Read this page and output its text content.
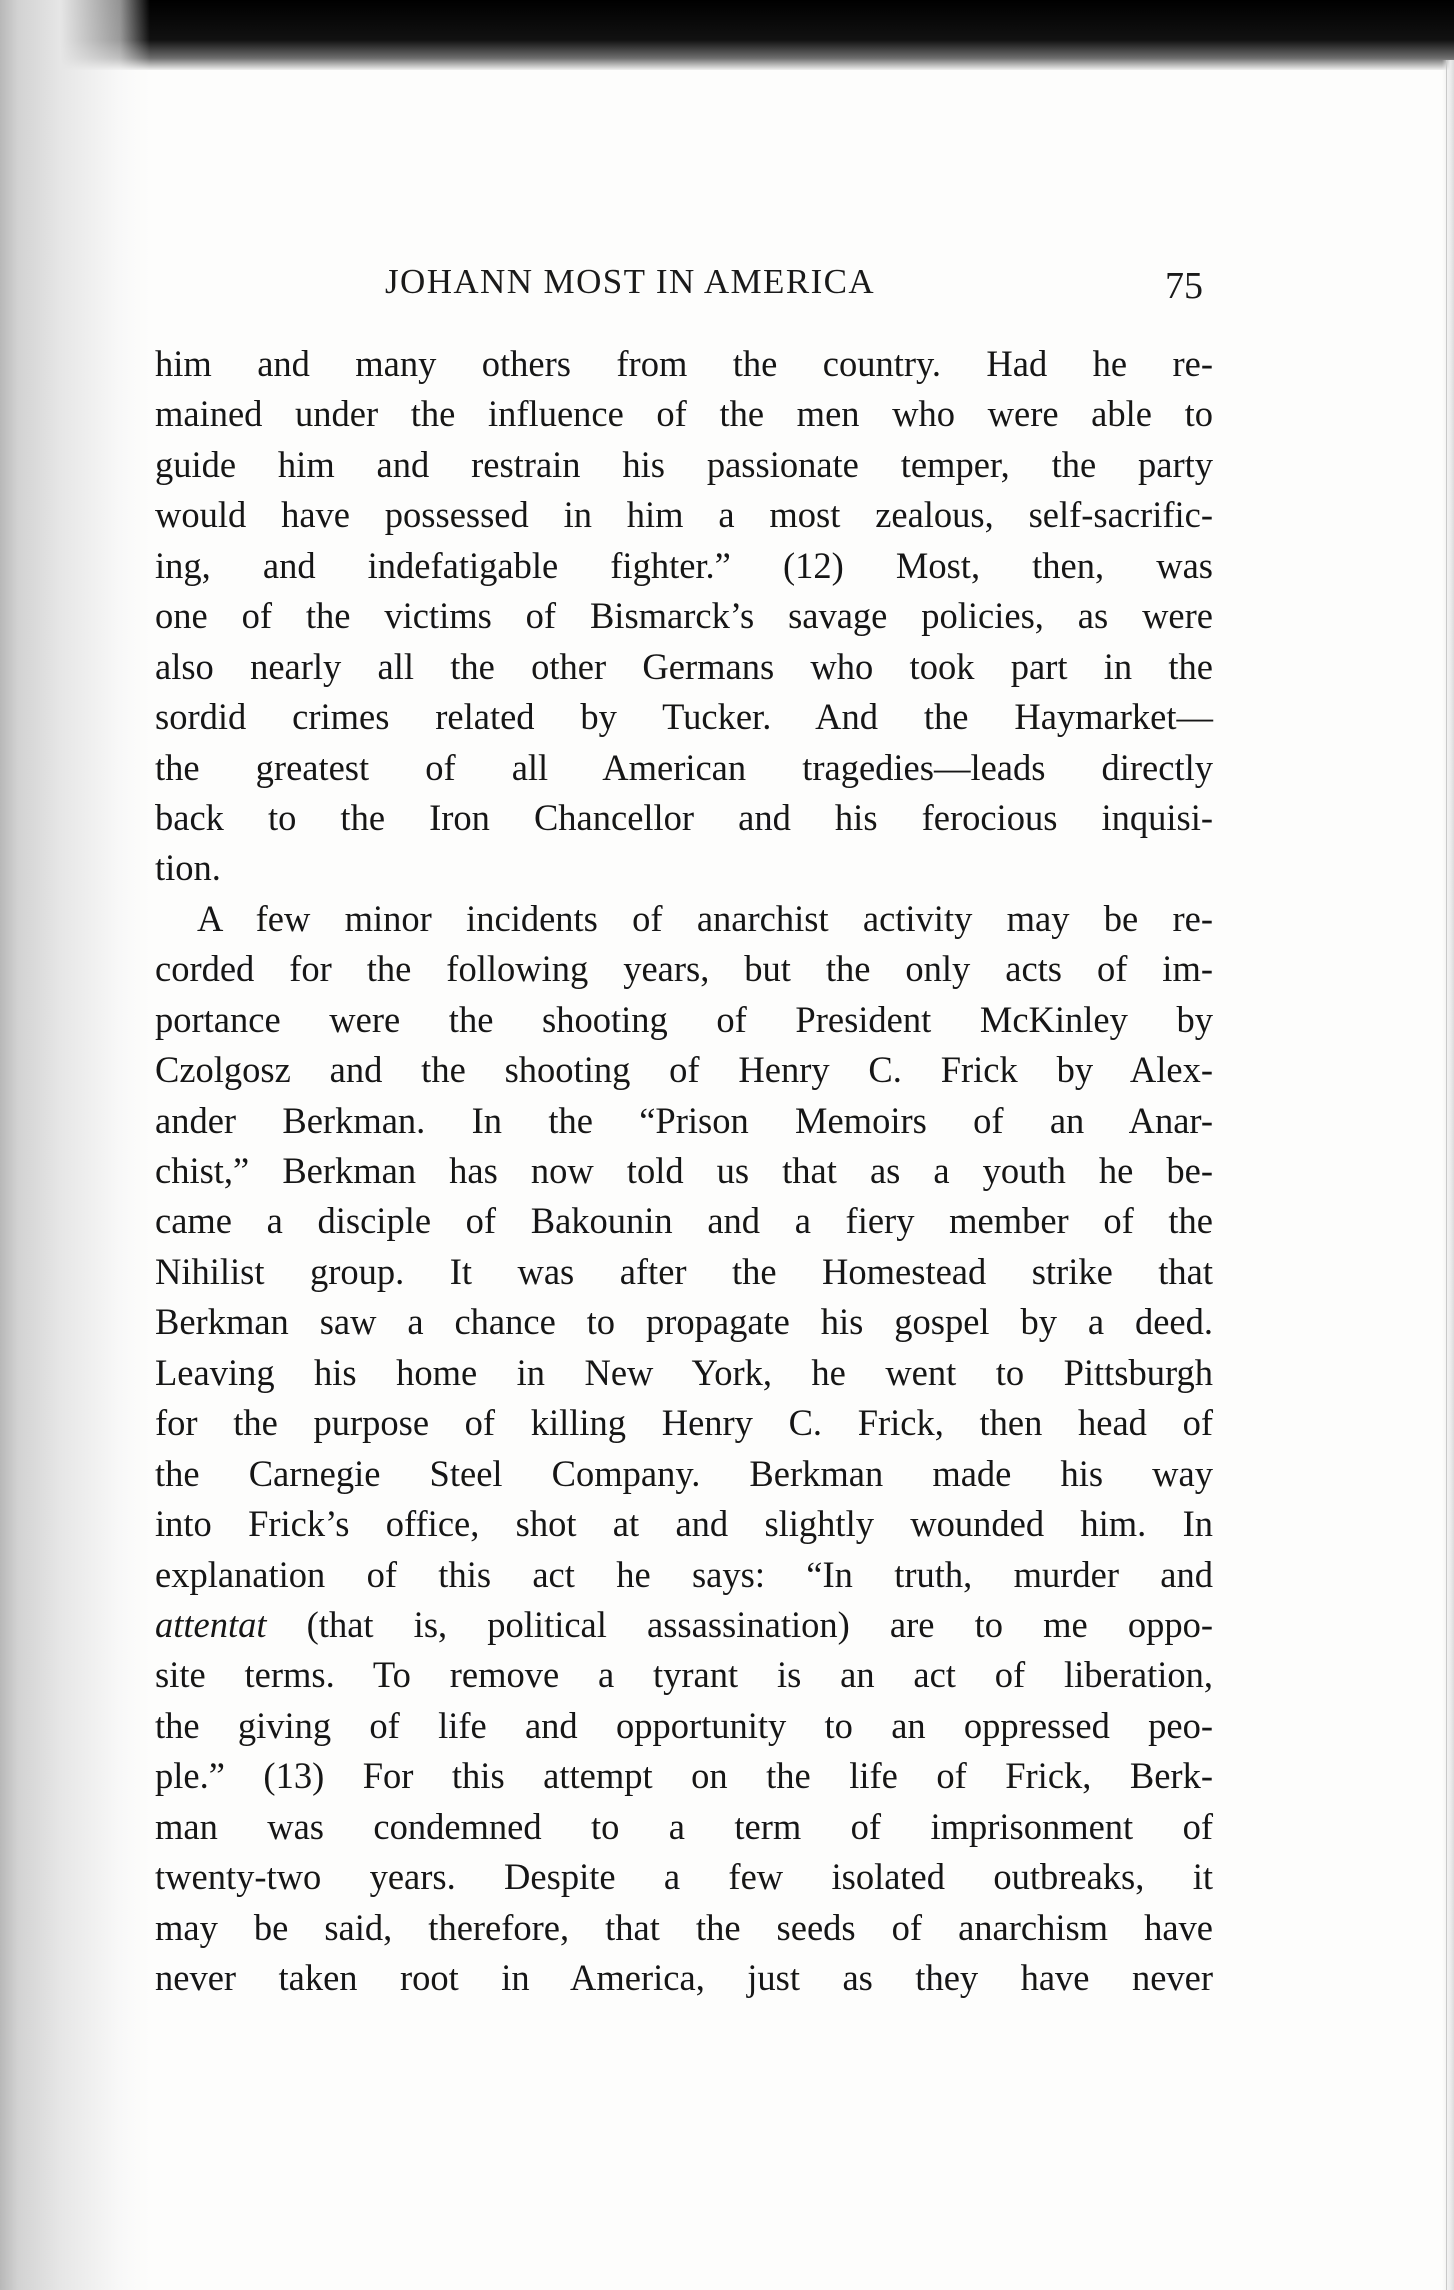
JOHANN MOST IN AMERICA	75
him and many others from the country. Had he re-
mained under the influence of the men who were able to
guide him and restrain his passionate temper, the party
would have possessed in him a most zealous, self-sacrific-
ing, and indefatigable fighter.” (12) Most, then, was
one of the victims of Bismarck’s savage policies, as were
also nearly all the other Germans who took part in the
sordid crimes related by Tucker. And the Haymarket—
the greatest of all American tragedies—leads directly
back to the Iron Chancellor and his ferocious inquisi-
tion.
A few minor incidents of anarchist activity may be re-
corded for the following years, but the only acts of im-
portance were the shooting of President McKinley by
Czolgosz and the shooting of Henry C. Frick by Alex-
ander Berkman. In the “Prison Memoirs of an Anar-
chist,” Berkman has now told us that as a youth he be-
came a disciple of Bakounin and a fiery member of the
Nihilist group. It was after the Homestead strike that
Berkman saw a chance to propagate his gospel by a deed.
Leaving his home in New York, he went to Pittsburgh
for the purpose of killing Henry C. Frick, then head of
the Carnegie Steel Company. Berkman made his way
into Frick’s office, shot at and slightly wounded him. In
explanation of this act he says: “In truth, murder and
attentat (that is, political assassination) are to me oppo-
site terms. To remove a tyrant is an act of liberation,
the giving of life and opportunity to an oppressed peo-
ple.” (13) For this attempt on the life of Frick, Berk-
man was condemned to a term of imprisonment of
twenty-two years. Despite a few isolated outbreaks, it
may be said, therefore, that the seeds of anarchism have
never taken root in America, just as they have never
